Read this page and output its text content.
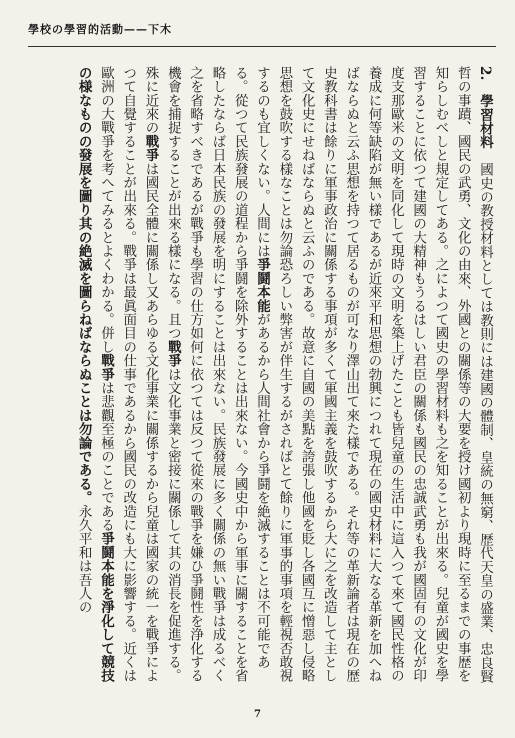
學校の學習的活動——下木
2.　學習材料　國史の教授材料としては教則には建國の體制、皇統の無窮、歴代天皇の盛業、忠良賢哲の事蹟、國民の武勇、文化の由來、外國との關係等の大要を授け國初より現時に至るまでの事歴を知らしむべしと規定してある。之によつて國史の學習材料も之を知ることが出來る。兒童が國史を學習することに依つて建國の大精神もうるはしい君臣の關係も國民の忠誠武勇も我が國固有の文化が印度支那歐米の文明を同化して現時の文明を築上げたことも皆兒童の生活中に這入つて來て國民性格の養成に何等缺陷が無い樣であるが近來平和思想の勃興につれて現在の國史材料に大なる革新を加へねばならぬと云ふ思想を持つて居るものが可なり澤山出て來た樣である。それ等の革新論者は現在の歴史教科書は餘りに軍事政治に關係する事項が多くて軍國主義を鼓吹するから大に之を改造して主として文化史にせねばならぬと云ふのである。故意に自國の美點を誇張し他國を貶し各國互に憎惡し侵略思想を鼓吹する樣なことは勿論恐ろしい弊害が伴生するがさればとて餘りに軍事的事項を輕視否敢視するのも宜しくない。人間には爭鬪本能があるから人間社會から爭鬪を絶滅することは不可能である。從つて民族發展の道程から爭鬪を除外することは出來ない。今國史中から軍事に關することを省略したならば日本民族の發展を明にすることは出來ない。民族發展に多く關係の無い戰爭は成るべく之を省略すべきであるが戰爭も學習の仕方如何に依つては反つて從來の戰爭を嫌ひ爭鬪性を浄化する機會を捕捉することが出來る樣になる。且つ戰爭は文化事業と密接に關係して其の消長を促進する。殊に近來の戰爭は國民全體に關係し又あらゆる文化事業に關係するから兒童は國家の統一を戰爭によつて自覺することが出來る。戰爭は最眞面目の仕事であるから國民の改造にも大に影響する。近くは歐洲の大戰爭を考へてみるとよくわかる。併し戰爭は悲觀至極のことである爭鬪本能を淨化して競技の様なものの發展を圖り其の絶滅を圖らねばならぬことは勿論である。永久平和は吾人の
7
